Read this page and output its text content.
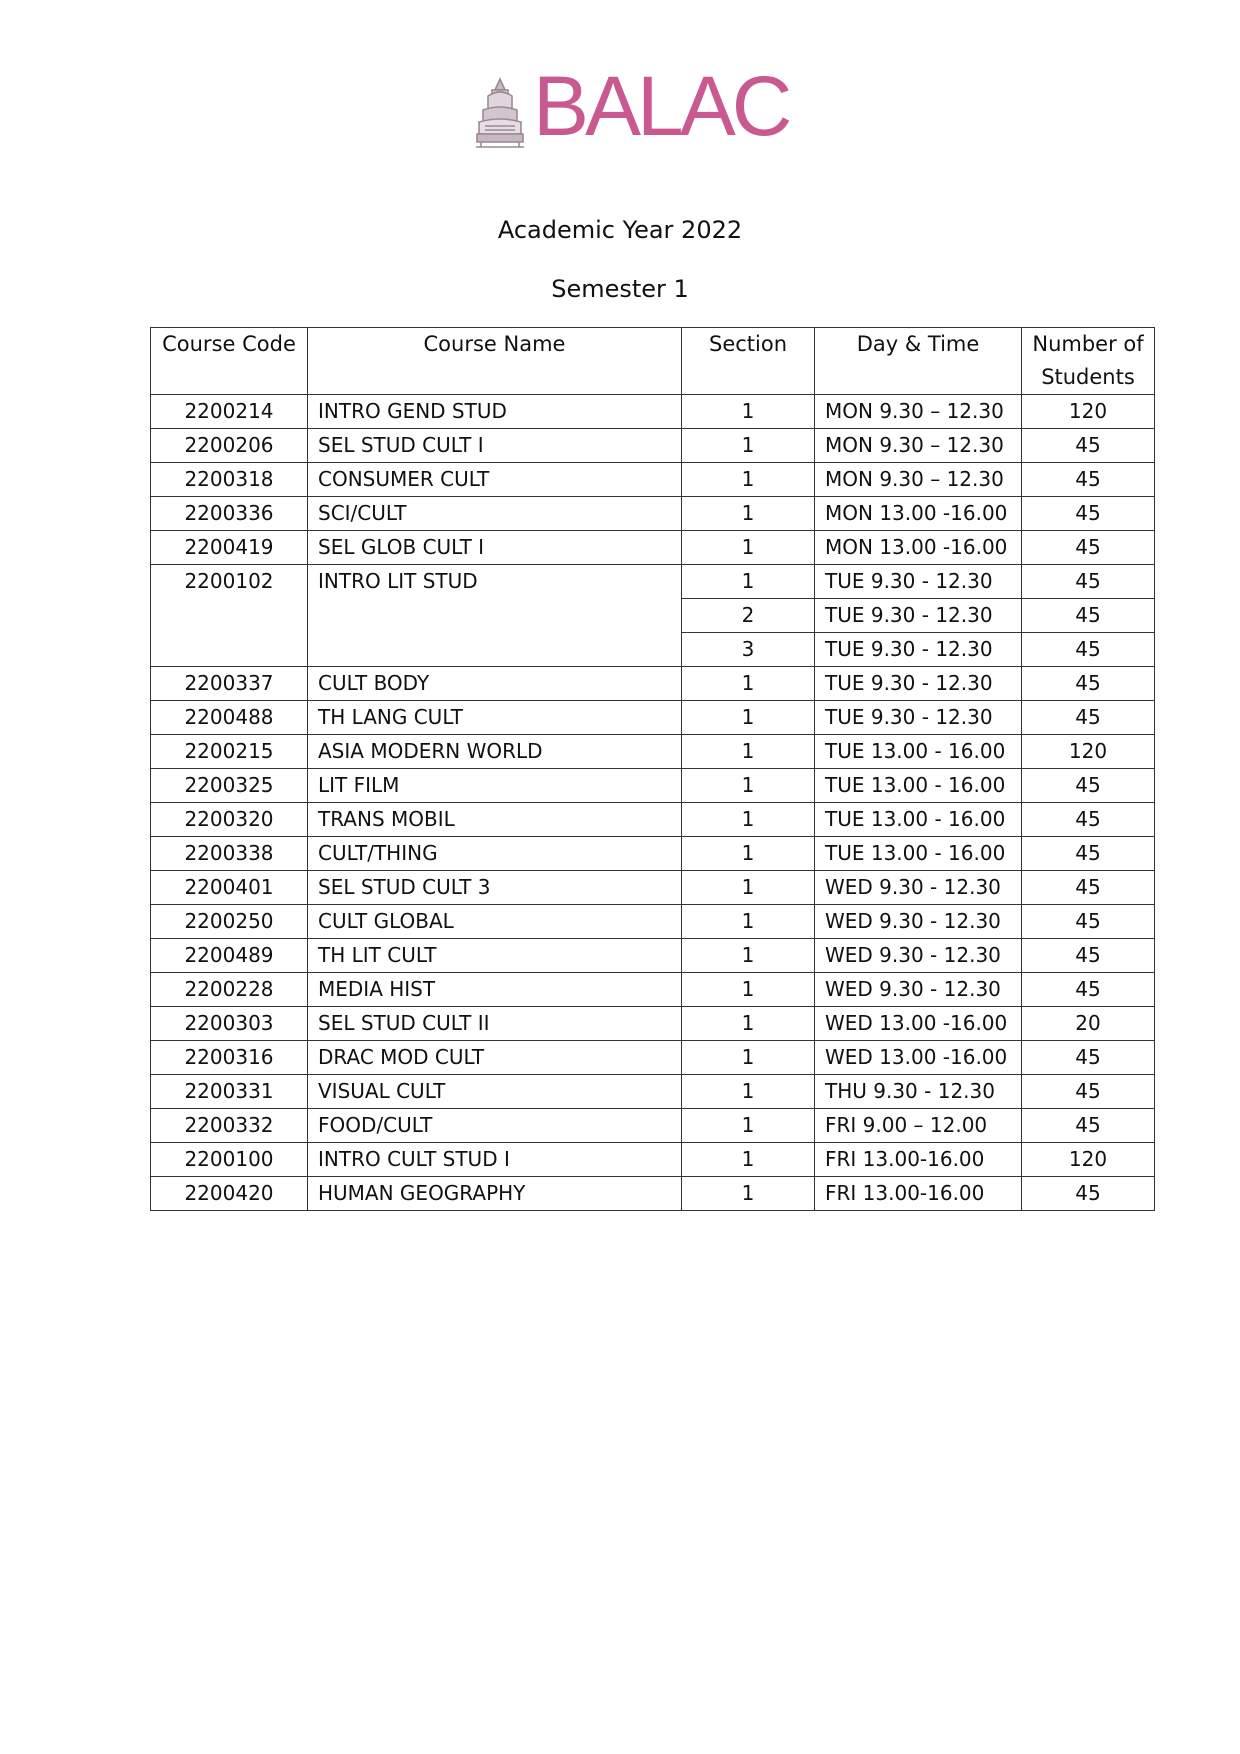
BALAC
Academic Year 2022
Semester 1
Course Code	Course Name	Section	Day & Time	Number of Students
2200214	INTRO GEND STUD	1	MON 9.30 – 12.30	120
2200206	SEL STUD CULT I	1	MON 9.30 – 12.30	45
2200318	CONSUMER CULT	1	MON 9.30 – 12.30	45
2200336	SCI/CULT	1	MON 13.00 -16.00	45
2200419	SEL GLOB CULT I	1	MON 13.00 -16.00	45
2200102	INTRO LIT STUD	1	TUE 9.30 - 12.30	45
		2	TUE 9.30 - 12.30	45
		3	TUE 9.30 - 12.30	45
2200337	CULT BODY	1	TUE 9.30 - 12.30	45
2200488	TH LANG CULT	1	TUE 9.30 - 12.30	45
2200215	ASIA MODERN WORLD	1	TUE 13.00 - 16.00	120
2200325	LIT FILM	1	TUE 13.00 - 16.00	45
2200320	TRANS MOBIL	1	TUE 13.00 - 16.00	45
2200338	CULT/THING	1	TUE 13.00 - 16.00	45
2200401	SEL STUD CULT 3	1	WED 9.30 - 12.30	45
2200250	CULT GLOBAL	1	WED 9.30 - 12.30	45
2200489	TH LIT CULT	1	WED 9.30 - 12.30	45
2200228	MEDIA HIST	1	WED 9.30 - 12.30	45
2200303	SEL STUD CULT II	1	WED 13.00 -16.00	20
2200316	DRAC MOD CULT	1	WED 13.00 -16.00	45
2200331	VISUAL CULT	1	THU 9.30 - 12.30	45
2200332	FOOD/CULT	1	FRI 9.00 – 12.00	45
2200100	INTRO CULT STUD I	1	FRI 13.00-16.00	120
2200420	HUMAN GEOGRAPHY	1	FRI 13.00-16.00	45
